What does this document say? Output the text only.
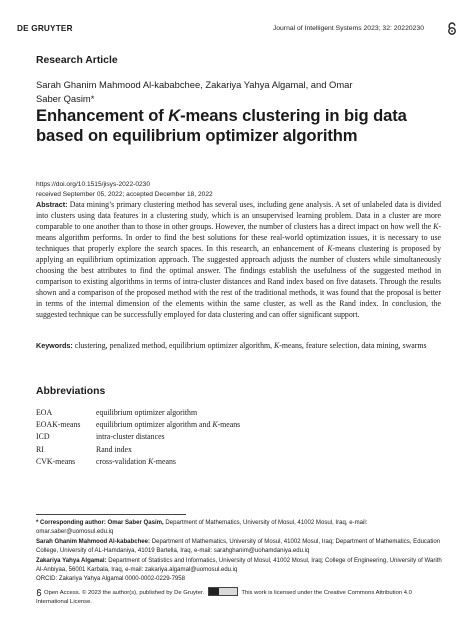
DE GRUYTER	Journal of Intelligent Systems 2023; 32: 20220230
Research Article
Sarah Ghanim Mahmood Al-kababchee, Zakariya Yahya Algamal, and Omar Saber Qasim*
Enhancement of K-means clustering in big data based on equilibrium optimizer algorithm
https://doi.org/10.1515/jisys-2022-0230
received September 05, 2022; accepted December 18, 2022
Abstract: Data mining’s primary clustering method has several uses, including gene analysis. A set of unlabeled data is divided into clusters using data features in a clustering study, which is an unsupervised learning problem. Data in a cluster are more comparable to one another than to those in other groups. However, the number of clusters has a direct impact on how well the K-means algorithm performs. In order to find the best solutions for these real-world optimization issues, it is necessary to use techniques that properly explore the search spaces. In this research, an enhancement of K-means clustering is proposed by applying an equilibrium optimization approach. The suggested approach adjusts the number of clusters while simultaneously choosing the best attributes to find the optimal answer. The findings establish the usefulness of the suggested method in comparison to existing algorithms in terms of intra-cluster distances and Rand index based on five datasets. Through the results shown and a comparison of the proposed method with the rest of the traditional methods, it was found that the proposal is better in terms of the internal dimension of the elements within the same cluster, as well as the Rand index. In conclusion, the suggested technique can be successfully employed for data clustering and can offer significant support.
Keywords: clustering, penalized method, equilibrium optimizer algorithm, K-means, feature selection, data mining, swarms
Abbreviations
EOA	equilibrium optimizer algorithm
EOAK-means	equilibrium optimizer algorithm and K-means
ICD	intra-cluster distances
RI	Rand index
CVK-means	cross-validation K-means
* Corresponding author: Omar Saber Qasim, Department of Mathematics, University of Mosul, 41002 Mosul, Iraq, e-mail: omar.saber@uomosul.edu.iq
Sarah Ghanim Mahmood Al-kababchee: Department of Mathematics, University of Mosul, 41002 Mosul, Iraq; Department of Mathematics, Education College, University of AL-Hamdaniya, 41019 Bartella, Iraq, e-mail: sarahghanim@uohamdaniya.edu.iq
Zakariya Yahya Algamal: Department of Statistics and Informatics, University of Mosul, 41002 Mosul, Iraq; College of Engineering, University of Warith Al-Anbiyaa, 56001 Karbala, Iraq, e-mail: zakariya.algamal@uomosul.edu.iq
ORCID: Zakariya Yahya Algamal 0000-0002-0229-7958
Open Access. © 2023 the author(s), published by De Gruyter.	This work is licensed under the Creative Commons Attribution 4.0 International License.
